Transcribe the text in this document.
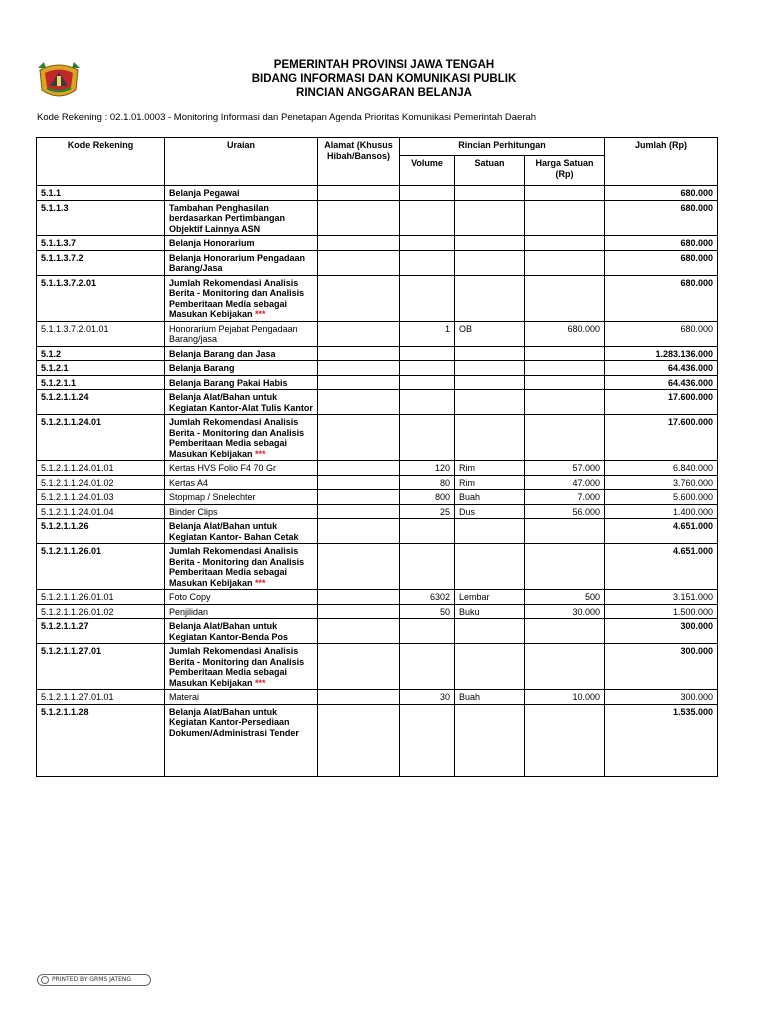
PEMERINTAH PROVINSI JAWA TENGAH
BIDANG INFORMASI DAN KOMUNIKASI PUBLIK
RINCIAN ANGGARAN BELANJA
Kode Rekening : 02.1.01.0003 - Monitoring Informasi dan Penetapan Agenda Prioritas Komunikasi Pemerintah Daerah
Kode Rekening	Uraian	Alamat (Khusus Hibah/Bansos)	Rincian Perhitungan			Jumlah (Rp)
			Volume	Satuan	Harga Satuan (Rp)	
5.1.1	Belanja Pegawai					680.000
5.1.1.3	Tambahan Penghasilan berdasarkan Pertimbangan Objektif Lainnya ASN					680.000
5.1.1.3.7	Belanja Honorarium					680.000
5.1.1.3.7.2	Belanja Honorarium Pengadaan Barang/Jasa					680.000
5.1.1.3.7.2.01	Jumlah Rekomendasi Analisis Berita - Monitoring dan Analisis Pemberitaan Media sebagai Masukan Kebijakan ***					680.000
5.1.1.3.7.2.01.01	Honorarium Pejabat Pengadaan Barang/jasa		1	OB	680.000	680.000
5.1.2	Belanja Barang dan Jasa					1.283.136.000
5.1.2.1	Belanja Barang					64.436.000
5.1.2.1.1	Belanja Barang Pakai Habis					64.436.000
5.1.2.1.1.24	Belanja Alat/Bahan untuk Kegiatan Kantor-Alat Tulis Kantor					17.600.000
5.1.2.1.1.24.01	Jumlah Rekomendasi Analisis Berita - Monitoring dan Analisis Pemberitaan Media sebagai Masukan Kebijakan ***					17.600.000
5.1.2.1.1.24.01.01	Kertas HVS Folio F4 70 Gr		120	Rim	57.000	6.840.000
5.1.2.1.1.24.01.02	Kertas A4		80	Rim	47.000	3.760.000
5.1.2.1.1.24.01.03	Stopmap / Snelechter		800	Buah	7.000	5.600.000
5.1.2.1.1.24.01.04	Binder Clips		25	Dus	56.000	1.400.000
5.1.2.1.1.26	Belanja Alat/Bahan untuk Kegiatan Kantor- Bahan Cetak					4.651.000
5.1.2.1.1.26.01	Jumlah Rekomendasi Analisis Berita - Monitoring dan Analisis Pemberitaan Media sebagai Masukan Kebijakan ***					4.651.000
5.1.2.1.1.26.01.01	Foto Copy		6302	Lembar	500	3.151.000
5.1.2.1.1.26.01.02	Penjilidan		50	Buku	30.000	1.500.000
5.1.2.1.1.27	Belanja Alat/Bahan untuk Kegiatan Kantor-Benda Pos					300.000
5.1.2.1.1.27.01	Jumlah Rekomendasi Analisis Berita - Monitoring dan Analisis Pemberitaan Media sebagai Masukan Kebijakan ***					300.000
5.1.2.1.1.27.01.01	Materai		30	Buah	10.000	300.000
5.1.2.1.1.28	Belanja Alat/Bahan untuk Kegiatan Kantor-Persediaan Dokumen/Administrasi Tender					1.535.000
PRINTED BY GRMS JATENG
